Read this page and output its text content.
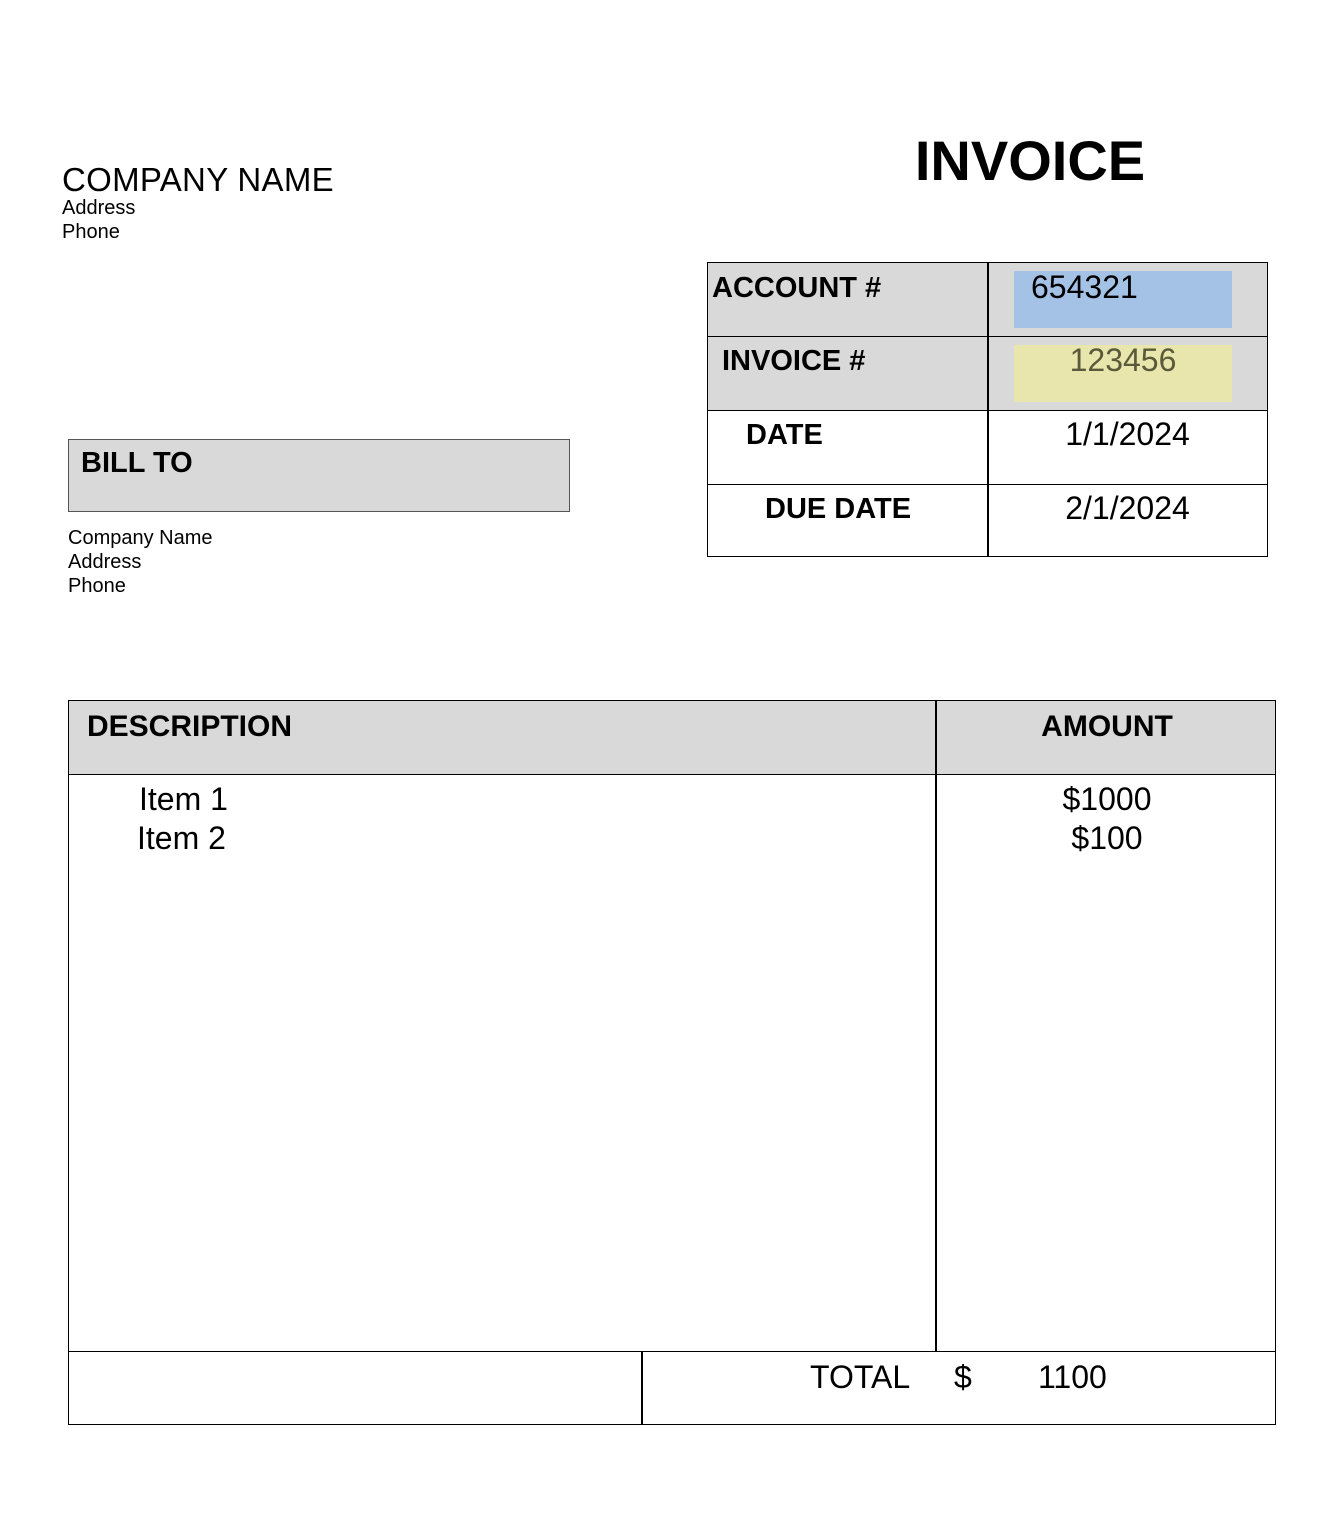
COMPANY NAME
Address
Phone
INVOICE
ACCOUNT #	654321
INVOICE #	123456
DATE	1/1/2024
DUE DATE	2/1/2024
BILL TO
Company Name
Address
Phone
DESCRIPTION	AMOUNT
Item 1	$1000
Item 2	$100
TOTAL $ 1100
